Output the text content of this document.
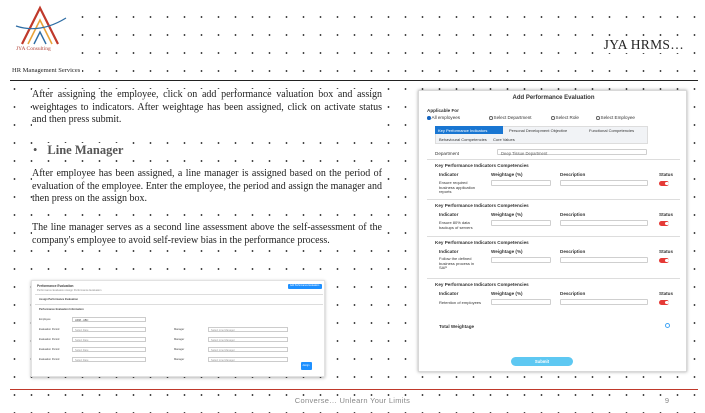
JYA Consulting	JYA HRMS…
HR Management Services

After assigning the employee, click on add performance valuation box and assign weightages to indicators. After weightage has been assigned, click on activate status and then press submit.

• Line Manager

After employee has been assigned, a line manager is assigned based on the period of evaluation of the employee. Enter the employee, the period and assign the manager and then press on the assign box.

The line manager serves as a second line assessment above the self-assessment of the company's employee to avoid self-review bias in the performance process.

Performance Evaluation
Performance Evaluation Assign Performance Evaluation
Add Performance Evaluation
Assign Performance Evaluation
Performance Evaluation Information
Employee	HRM - ABC
Evaluation Period	Select Date	Manager	Select Line Manager
Evaluation Period	Select Date	Manager	Select Line Manager
Evaluation Period	Select Date	Manager	Select Line Manager
Evaluation Period	Select Date	Manager	Select Line Manager
Assign
Add Performance Evaluation
Applicable For
All employees	Select Department	Select Role	Select Employee
Key Performance Indicators	Personal Development Objective	Functional Competencies
Behavioural Competencies Core Values
Department	Deep Tissue Department
Key Performance Indicators Competencies
Indicator	Weightage (%)	Description	Status
Ensure required business application reports
Key Performance Indicators Competencies
Indicator	Weightage (%)	Description	Status
Ensure 80% data backups of servers
Key Performance Indicators Competencies
Indicator	Weightage (%)	Description	Status
Follow the defined business process in SAP
Key Performance Indicators Competencies
Indicator	Weightage (%)	Description	Status
Retention of employees
Total Weightage
Submit
Converse… Unlearn Your Limits	9
